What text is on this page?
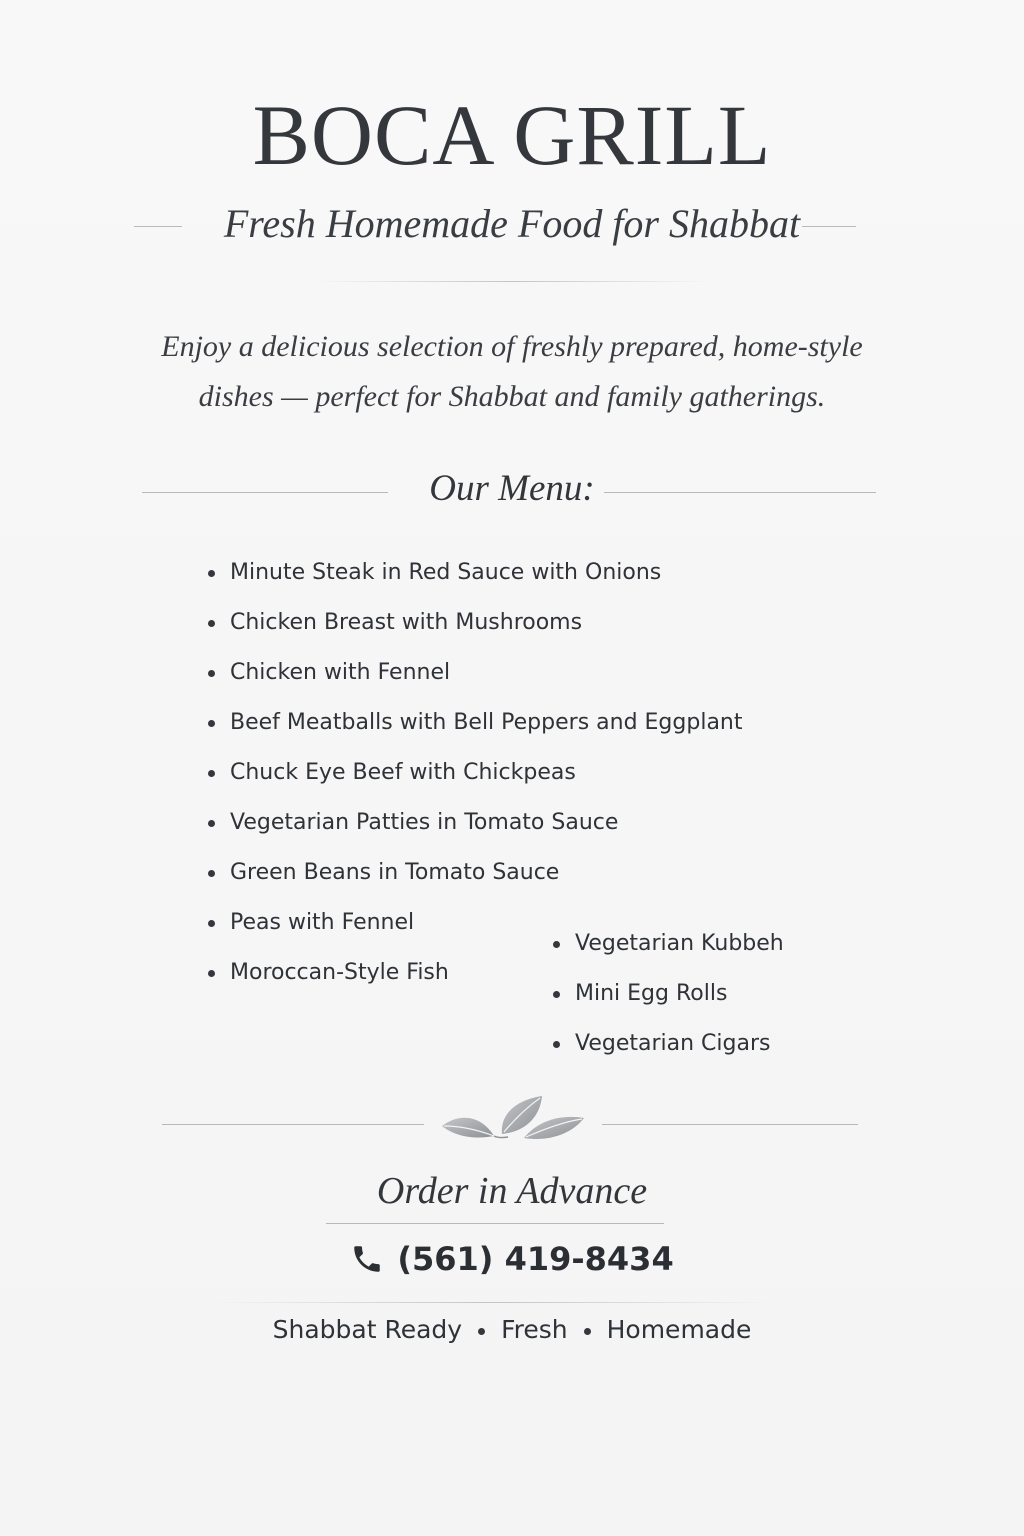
BOCA GRILL
Fresh Homemade Food for Shabbat
Enjoy a delicious selection of freshly prepared, home-style
dishes — perfect for Shabbat and family gatherings.
Our Menu:
Minute Steak in Red Sauce with Onions
Chicken Breast with Mushrooms
Chicken with Fennel
Beef Meatballs with Bell Peppers and Eggplant
Chuck Eye Beef with Chickpeas
Vegetarian Patties in Tomato Sauce
Green Beans in Tomato Sauce
Peas with Fennel
Moroccan-Style Fish
Vegetarian Kubbeh
Mini Egg Rolls
Vegetarian Cigars
Order in Advance
(561) 419-8434
Shabbat Ready Fresh Homemade
